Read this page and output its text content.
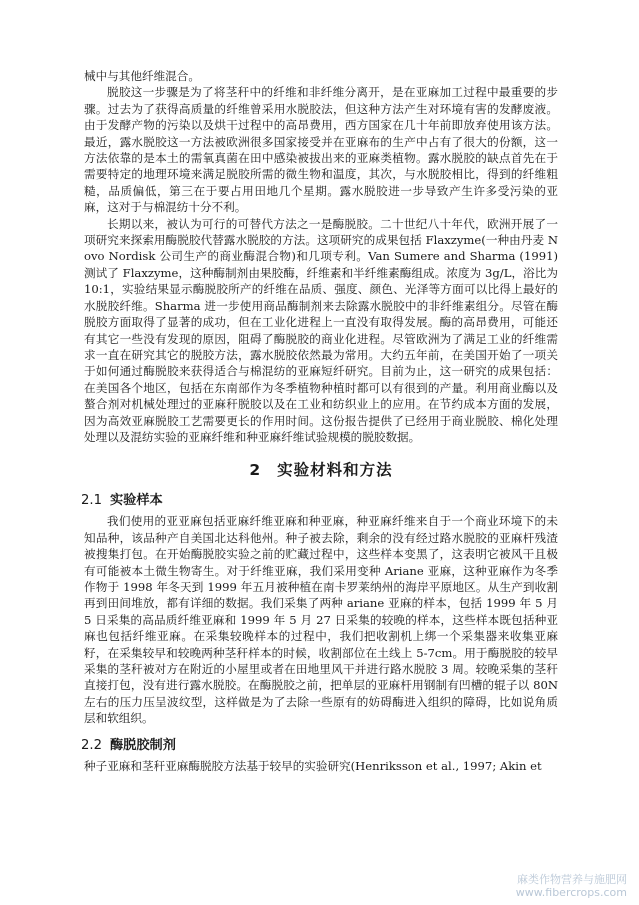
械中与其他纤维混合。

脱胶这一步骤是为了将茎秆中的纤维和非纤维分离开，是在亚麻加工过程中最重要的步骤。过去为了获得高质量的纤维曾采用水脱胶法，但这种方法产生对环境有害的发酵废液。由于发酵产物的污染以及烘干过程中的高昂费用，西方国家在几十年前即放弃使用该方法。最近，露水脱胶这一方法被欧洲很多国家接受并在亚麻布的生产中占有了很大的份额，这一方法依靠的是本土的需氧真菌在田中感染被拔出来的亚麻类植物。露水脱胶的缺点首先在于需要特定的地理环境来满足脱胶所需的微生物和温度，其次，与水脱胶相比，得到的纤维粗糙，品质偏低，第三在于要占用田地几个星期。露水脱胶进一步导致产生许多受污染的亚麻，这对于与棉混纺十分不利。

长期以来，被认为可行的可替代方法之一是酶脱胶。二十世纪八十年代，欧洲开展了一项研究来探索用酶脱胶代替露水脱胶的方法。这项研究的成果包括 Flaxzyme(一种由丹麦 Novo Nordisk 公司生产的商业酶混合物)和几项专利。Van Sumere and Sharma (1991) 测试了 Flaxzyme，这种酶制剂由果胶酶，纤维素和半纤维素酶组成。浓度为 3g/L，浴比为 10:1，实验结果显示酶脱胶所产的纤维在品质、强度、颜色、光泽等方面可以比得上最好的水脱胶纤维。Sharma 进一步使用商品酶制剂来去除露水脱胶中的非纤维素组分。尽管在酶脱胶方面取得了显著的成功，但在工业化进程上一直没有取得发展。酶的高昂费用，可能还有其它一些没有发现的原因，阻碍了酶脱胶的商业化进程。尽管欧洲为了满足工业的纤维需求一直在研究其它的脱胶方法，露水脱胶依然最为常用。大约五年前，在美国开始了一项关于如何通过酶脱胶来获得适合与棉混纺的亚麻短纤研究。目前为止，这一研究的成果包括：在美国各个地区，包括在东南部作为冬季植物种植时都可以有很到的产量。利用商业酶以及螯合剂对机械处理过的亚麻秆脱胶以及在工业和纺织业上的应用。在节约成本方面的发展，因为高效亚麻脱胶工艺需要更长的作用时间。这份报告提供了已经用于商业脱胶、棉化处理处理以及混纺实验的亚麻纤维和种亚麻纤维试验规模的脱胶数据。

2 实验材料和方法
2.1 实验样本

我们使用的亚亚麻包括亚麻纤维亚麻和种亚麻，种亚麻纤维来自于一个商业环境下的未知品种，该品种产自美国北达科他州。种子被去除，剩余的没有经过路水脱胶的亚麻杆残渣被搜集打包。在开始酶脱胶实验之前的贮藏过程中，这些样本变黑了，这表明它被风干且极有可能被本土微生物寄生。对于纤维亚麻，我们采用变种 Ariane 亚麻，这种亚麻作为冬季作物于 1998 年冬天到 1999 年五月被种植在南卡罗莱纳州的海岸平原地区。从生产到收割再到田间堆放，都有详细的数据。我们采集了两种 ariane 亚麻的样本，包括 1999 年 5 月 5 日采集的高品质纤维亚麻和 1999 年 5 月 27 日采集的较晚的样本，这些样本既包括种亚麻也包括纤维亚麻。在采集较晚样本的过程中，我们把收割机上绑一个采集器来收集亚麻籽，在采集较早和较晚两种茎秆样本的时候，收割部位在土线上 5-7cm。用于酶脱胶的较早采集的茎秆被对方在附近的小屋里或者在田地里风干并进行路水脱胶 3 周。较晚采集的茎秆直接打包，没有进行露水脱胶。在酶脱胶之前，把单层的亚麻杆用钢制有凹槽的辊子以 80N 左右的压力压呈波纹型，这样做是为了去除一些原有的妨碍酶进入组织的障碍，比如说角质层和软组织。

2.2 酶脱胶制剂

种子亚麻和茎秆亚麻酶脱胶方法基于较早的实验研究(Henriksson et al., 1997; Akin et

麻类作物营养与施肥网
www.fibercrops.com
